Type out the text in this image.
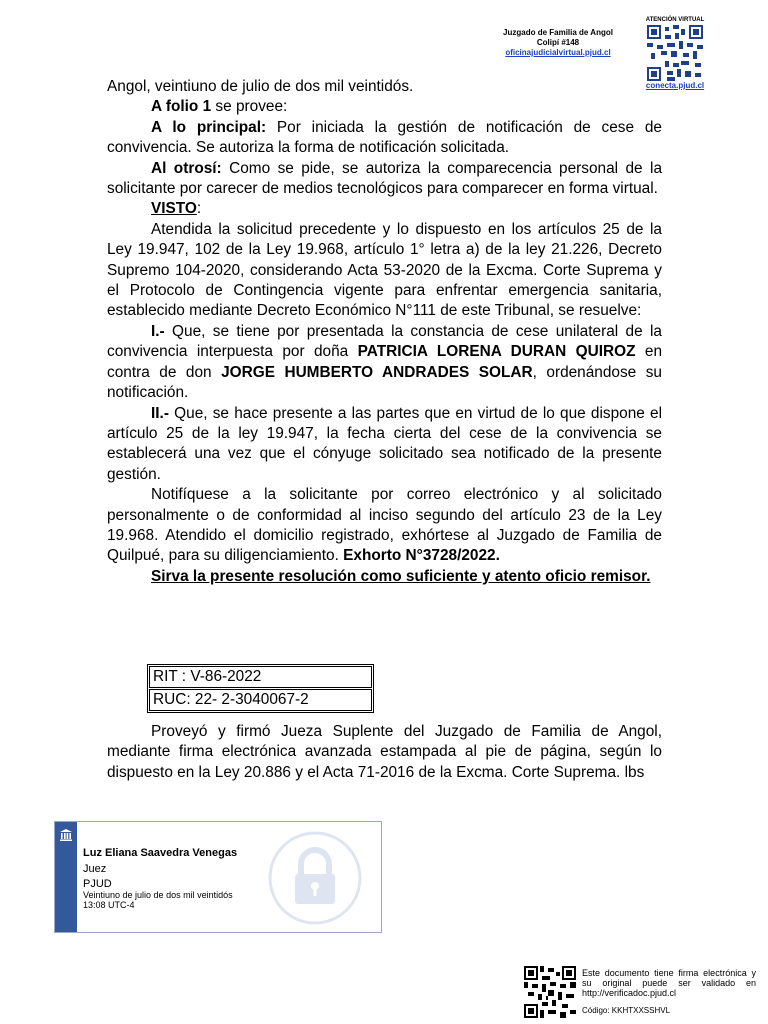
Juzgado de Familia de Angol
Colipí #148
oficinajudicialvirtual.pjud.cl
ATENCIÓN VIRTUAL
conecta.pjud.cl

Angol, veintiuno de julio de dos mil veintidós.

A folio 1 se provee:

A lo principal: Por iniciada la gestión de notificación de cese de convivencia. Se autoriza la forma de notificación solicitada.

Al otrosí: Como se pide, se autoriza la comparecencia personal de la solicitante por carecer de medios tecnológicos para comparecer en forma virtual.

VISTO:

Atendida la solicitud precedente y lo dispuesto en los artículos 25 de la Ley 19.947, 102 de la Ley 19.968, artículo 1° letra a) de la ley 21.226, Decreto Supremo 104-2020, considerando Acta 53-2020 de la Excma. Corte Suprema y el Protocolo de Contingencia vigente para enfrentar emergencia sanitaria, establecido mediante Decreto Económico N°111 de este Tribunal, se resuelve:

I.- Que, se tiene por presentada la constancia de cese unilateral de la convivencia interpuesta por doña PATRICIA LORENA DURAN QUIROZ en contra de don JORGE HUMBERTO ANDRADES SOLAR, ordenándose su notificación.

II.- Que, se hace presente a las partes que en virtud de lo que dispone el artículo 25 de la ley 19.947, la fecha cierta del cese de la convivencia se establecerá una vez que el cónyuge solicitado sea notificado de la presente gestión.

Notifíquese a la solicitante por correo electrónico y al solicitado personalmente o de conformidad al inciso segundo del artículo 23 de la Ley 19.968. Atendido el domicilio registrado, exhórtese al Juzgado de Familia de Quilpué, para su diligenciamiento. Exhorto N°3728/2022.

Sirva la presente resolución como suficiente y atento oficio remisor.

RIT : V-86-2022
RUC: 22- 2-3040067-2
Proveyó y firmó Jueza Suplente del Juzgado de Familia de Angol, mediante firma electrónica avanzada estampada al pie de página, según lo dispuesto en la Ley 20.886 y el Acta 71-2016 de la Excma. Corte Suprema. lbs
Luz Eliana Saavedra Venegas
Juez
PJUD
Veintiuno de julio de dos mil veintidós
13:08 UTC-4
Este documento tiene firma electrónica y su original puede ser validado en http://verificadoc.pjud.cl
Código: KKHTXXSSHVL
